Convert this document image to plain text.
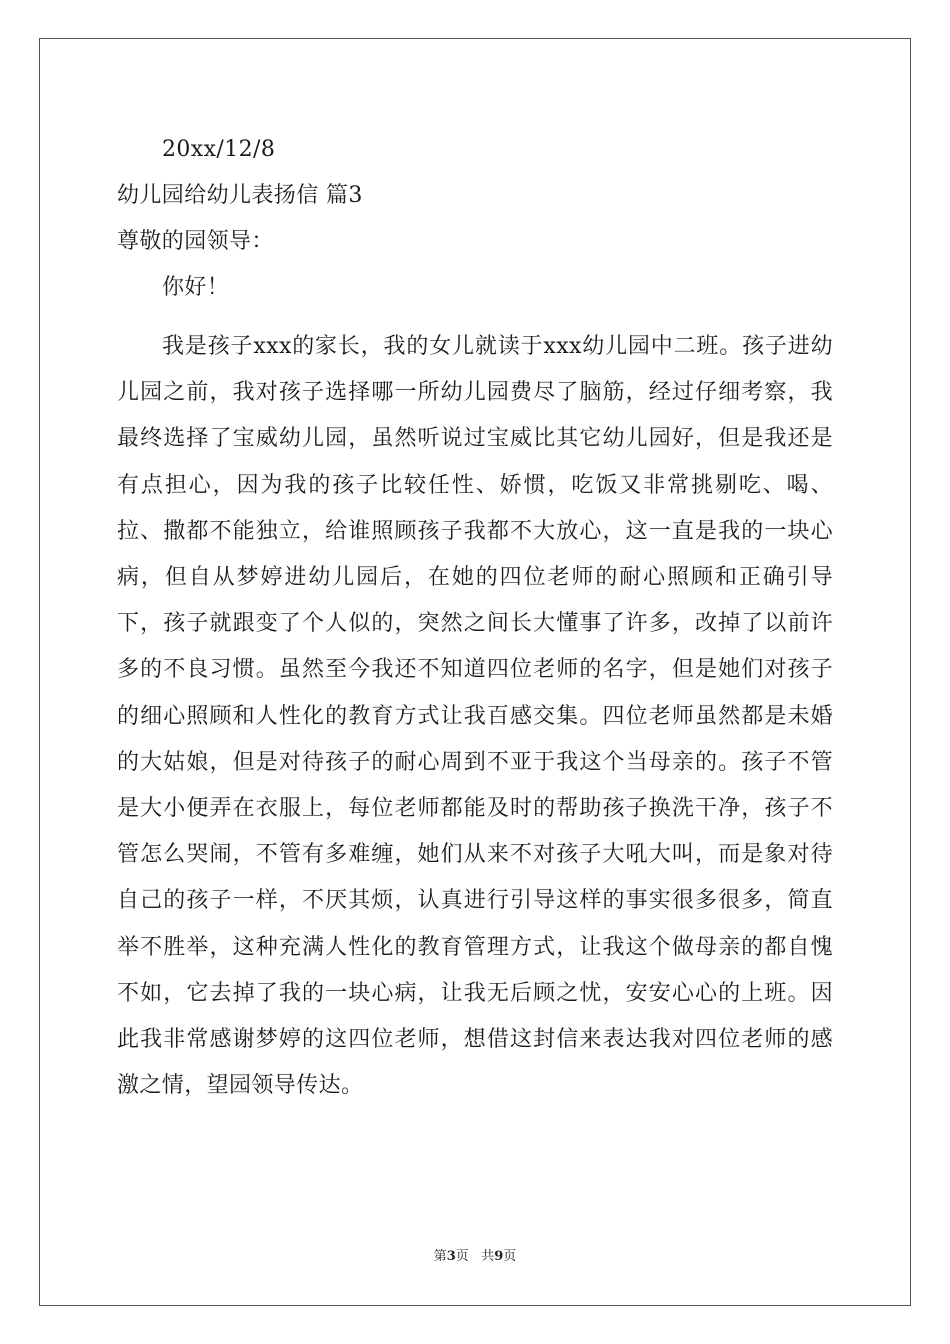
20xx/12/8
幼儿园给幼儿表扬信 篇3
尊敬的园领导：
你好！
我是孩子xxx的家长，我的女儿就读于xxx幼儿园中二班。孩子进幼儿园之前，我对孩子选择哪一所幼儿园费尽了脑筋，经过仔细考察，我最终选择了宝威幼儿园，虽然听说过宝威比其它幼儿园好，但是我还是有点担心，因为我的孩子比较任性、娇惯，吃饭又非常挑剔吃、喝、拉、撒都不能独立，给谁照顾孩子我都不大放心，这一直是我的一块心病，但自从梦婷进幼儿园后，在她的四位老师的耐心照顾和正确引导下，孩子就跟变了个人似的，突然之间长大懂事了许多，改掉了以前许多的不良习惯。虽然至今我还不知道四位老师的名字，但是她们对孩子的细心照顾和人性化的教育方式让我百感交集。四位老师虽然都是未婚的大姑娘，但是对待孩子的耐心周到不亚于我这个当母亲的。孩子不管是大小便弄在衣服上，每位老师都能及时的帮助孩子换洗干净，孩子不管怎么哭闹，不管有多难缠，她们从来不对孩子大吼大叫，而是象对待自己的孩子一样，不厌其烦，认真进行引导这样的事实很多很多，简直举不胜举，这种充满人性化的教育管理方式，让我这个做母亲的都自愧不如，它去掉了我的一块心病，让我无后顾之忧，安安心心的上班。因此我非常感谢梦婷的这四位老师，想借这封信来表达我对四位老师的感激之情，望园领导传达。
第3页 共9页
